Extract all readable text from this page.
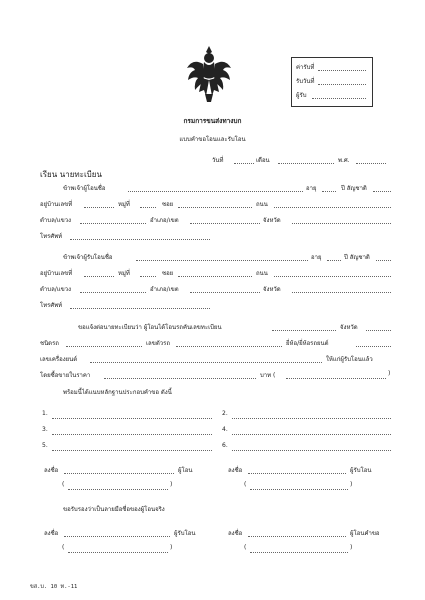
ค่ารับที่
รับวันที่
ผู้รับ
กรมการขนส่งทางบก
แบบคำขอโอนและรับโอน
วันที่	เดือน	พ.ศ.
เรียน นายทะเบียน
ข้าพเจ้าผู้โอนชื่อ	อายุ	ปี สัญชาติ
อยู่บ้านเลขที่	หมู่ที่	ซอย	ถนน
ตำบล/แขวง	อำเภอ/เขต	จังหวัด
โทรศัพท์
ข้าพเจ้าผู้รับโอนชื่อ	อายุ	ปี สัญชาติ
อยู่บ้านเลขที่	หมู่ที่	ซอย	ถนน
ตำบล/แขวง	อำเภอ/เขต	จังหวัด
โทรศัพท์
ขอแจ้งต่อนายทะเบียนว่า ผู้โอนได้โอนรถคันเลขทะเบียน	จังหวัด
ชนิดรถ	เลขตัวรถ	ยี่ห้อ/ยี่ห้อรถยนต์
เลขเครื่องยนต์	ให้แก่ผู้รับโอนแล้ว
โดยซื้อขายในราคา	บาท (	)
พร้อมนี้ได้แนบหลักฐานประกอบคำขอ ดังนี้
1.	2.
3.	4.
5.	6.
ลงชื่อ	ผู้โอน
(	)
ลงชื่อ	ผู้รับโอน
(	)
ขอรับรองว่าเป็นลายมือชื่อของผู้โอนจริง
ลงชื่อ	ผู้รับโอน
(	)
ลงชื่อ	ผู้โอนคำขอ
(	)
ขส.บ. 10 ท.-11
